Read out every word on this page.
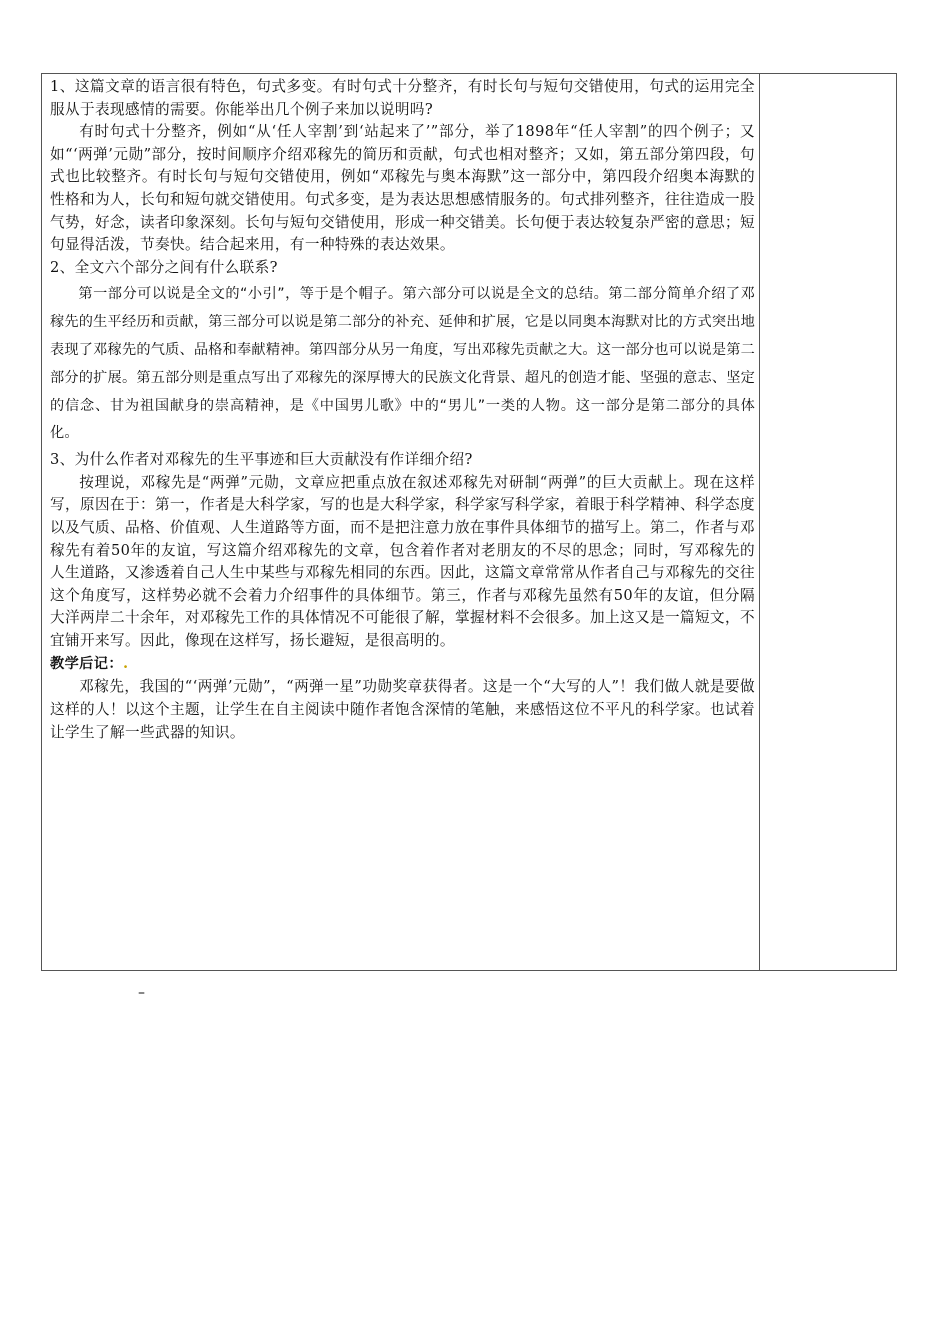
1、这篇文章的语言很有特色，句式多变。有时句式十分整齐，有时长句与短句交错使用，句式的运用完全服从于表现感情的需要。你能举出几个例子来加以说明吗?

有时句式十分整齐，例如“从‘任人宰割’到‘站起来了’”部分，举了1898年“任人宰割”的四个例子；又如“‘两弹’元勋”部分，按时间顺序介绍邓稼先的简历和贡献，句式也相对整齐；又如，第五部分第四段，句式也比较整齐。有时长句与短句交错使用，例如“邓稼先与奥本海默”这一部分中，第四段介绍奥本海默的性格和为人，长句和短句就交错使用。句式多变，是为表达思想感情服务的。句式排列整齐，往往造成一股气势，好念，读者印象深刻。长句与短句交错使用，形成一种交错美。长句便于表达较复杂严密的意思；短句显得活泼，节奏快。结合起来用，有一种特殊的表达效果。

2、全文六个部分之间有什么联系?

第一部分可以说是全文的“小引”，等于是个帽子。第六部分可以说是全文的总结。第二部分简单介绍了邓稼先的生平经历和贡献，第三部分可以说是第二部分的补充、延伸和扩展，它是以同奥本海默对比的方式突出地表现了邓稼先的气质、品格和奉献精神。第四部分从另一角度，写出邓稼先贡献之大。这一部分也可以说是第二部分的扩展。第五部分则是重点写出了邓稼先的深厚博大的民族文化背景、超凡的创造才能、坚强的意志、坚定的信念、甘为祖国献身的崇高精神，是《中国男儿歌》中的“男儿”一类的人物。这一部分是第二部分的具体化。

3、为什么作者对邓稼先的生平事迹和巨大贡献没有作详细介绍?

按理说，邓稼先是“两弹”元勋，文章应把重点放在叙述邓稼先对研制“两弹”的巨大贡献上。现在这样写，原因在于：第一，作者是大科学家，写的也是大科学家，科学家写科学家，着眼于科学精神、科学态度以及气质、品格、价值观、人生道路等方面，而不是把注意力放在事件具体细节的描写上。第二，作者与邓稼先有着50年的友谊，写这篇介绍邓稼先的文章，包含着作者对老朋友的不尽的思念；同时，写邓稼先的人生道路，又渗透着自己人生中某些与邓稼先相同的东西。因此，这篇文章常常从作者自己与邓稼先的交往这个角度写，这样势必就不会着力介绍事件的具体细节。第三，作者与邓稼先虽然有50年的友谊，但分隔大洋两岸二十余年，对邓稼先工作的具体情况不可能很了解，掌握材料不会很多。加上这又是一篇短文，不宜铺开来写。因此，像现在这样写，扬长避短，是很高明的。

教学后记：.

邓稼先，我国的“‘两弹’元勋”，“两弹一星”功勋奖章获得者。这是一个“大写的人”！我们做人就是要做这样的人！以这个主题，让学生在自主阅读中随作者饱含深情的笔触，来感悟这位不平凡的科学家。也试着让学生了解一些武器的知识。

–
